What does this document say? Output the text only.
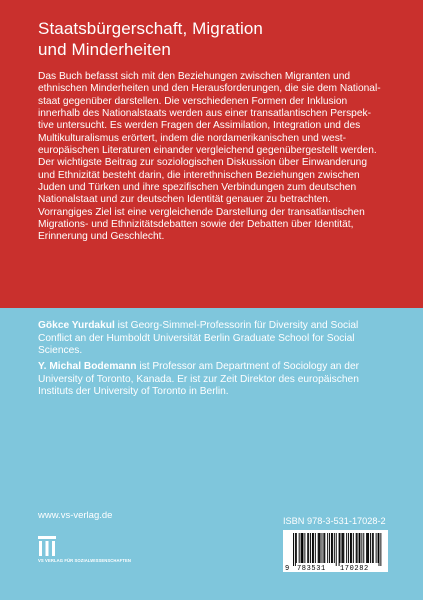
Staatsbürgerschaft, Migration
und Minderheiten
Das Buch befasst sich mit den Beziehungen zwischen Migranten und
ethnischen Minderheiten und den Herausforderungen, die sie dem National-
staat gegenüber darstellen. Die verschiedenen Formen der Inklusion
innerhalb des Nationalstaats werden aus einer transatlantischen Perspek-
tive untersucht. Es werden Fragen der Assimilation, Integration und des
Multikulturalismus erörtert, indem die nordamerikanischen und west-
europäischen Literaturen einander vergleichend gegenübergestellt werden.
Der wichtigste Beitrag zur soziologischen Diskussion über Einwanderung
und Ethnizität besteht darin, die interethnischen Beziehungen zwischen
Juden und Türken und ihre spezifischen Verbindungen zum deutschen
Nationalstaat und zur deutschen Identität genauer zu betrachten.
Vorrangiges Ziel ist eine vergleichende Darstellung der transatlantischen
Migrations- und Ethnizitätsdebatten sowie der Debatten über Identität,
Erinnerung und Geschlecht.
Gökce Yurdakul ist Georg-Simmel-Professorin für Diversity and Social
Conflict an der Humboldt Universität Berlin Graduate School for Social
Sciences.
Y. Michal Bodemann ist Professor am Department of Sociology an der
University of Toronto, Kanada. Er ist zur Zeit Direktor des europäischen
Instituts der University of Toronto in Berlin.
www.vs-verlag.de
VS VERLAG FÜR SOZIALWISSENSCHAFTEN
ISBN 978-3-531-17028-2
9 783531 170282
